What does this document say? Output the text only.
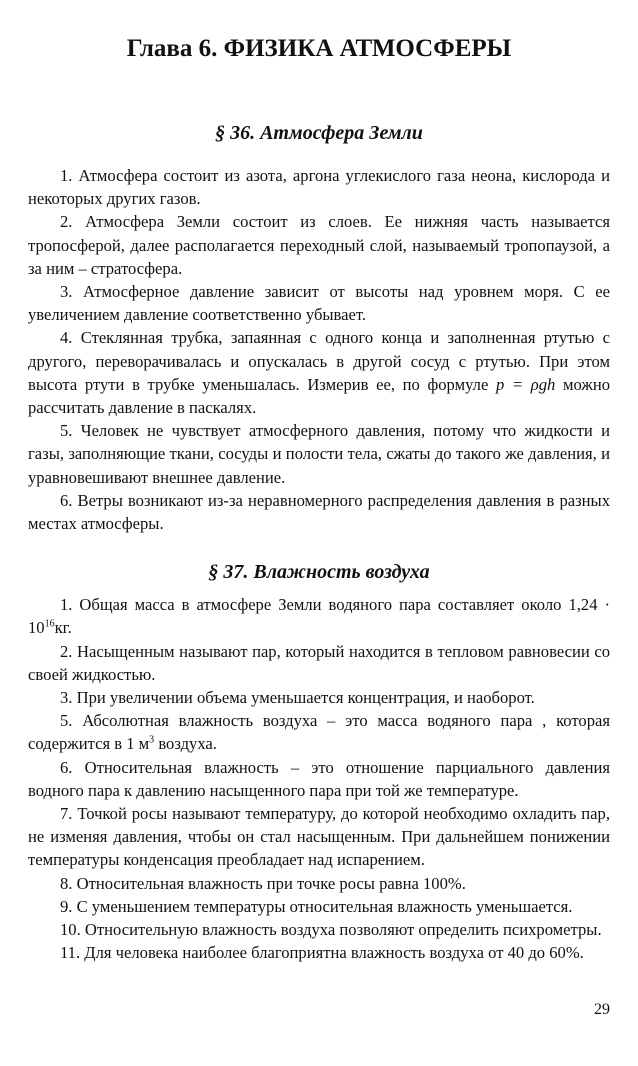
Глава 6. ФИЗИКА АТМОСФЕРЫ
§ 36. Атмосфера Земли

1. Атмосфера состоит из азота, аргона углекислого газа неона, кислорода и некоторых других газов.

2. Атмосфера Земли состоит из слоев. Ее нижняя часть называется тропосферой, далее располагается переходный слой, называемый тропопаузой, а за ним – стратосфера.

3. Атмосферное давление зависит от высоты над уровнем моря. С ее увеличением давление соответственно убывает.

4. Стеклянная трубка, запаянная с одного конца и заполненная ртутью с другого, переворачивалась и опускалась в другой сосуд с ртутью. При этом высота ртути в трубке уменьшалась. Измерив ее, по формуле p = ρgh можно рассчитать давление в паскалях.

5. Человек не чувствует атмосферного давления, потому что жидкости и газы, заполняющие ткани, сосуды и полости тела, сжаты до такого же давления, и уравновешивают внешнее давление.

6. Ветры возникают из-за неравномерного распределения давления в разных местах атмосферы.

§ 37. Влажность воздуха

1. Общая масса в атмосфере Земли водяного пара составляет около $1,24 \cdot 10^{16}кг$.

2. Насыщенным называют пар, который находится в тепловом равновесии со своей жидкостью.

3. При увеличении объема уменьшается концентрация, и наоборот.

5. Абсолютная влажность воздуха – это масса водяного пара , которая содержится в 1 $м^3$ воздуха.

6. Относительная влажность – это отношение парциального давления водного пара к давлению насыщенного пара при той же температуре.

7. Точкой росы называют температуру, до которой необходимо охладить пар, не изменяя давления, чтобы он стал насыщенным. При дальнейшем понижении температуры конденсация преобладает над испарением.

8. Относительная влажность при точке росы равна 100%.

9. С уменьшением температуры относительная влажность уменьшается.

10. Относительную влажность воздуха позволяют определить психрометры.

11. Для человека наиболее благоприятна влажность воздуха от 40 до 60%.

29
